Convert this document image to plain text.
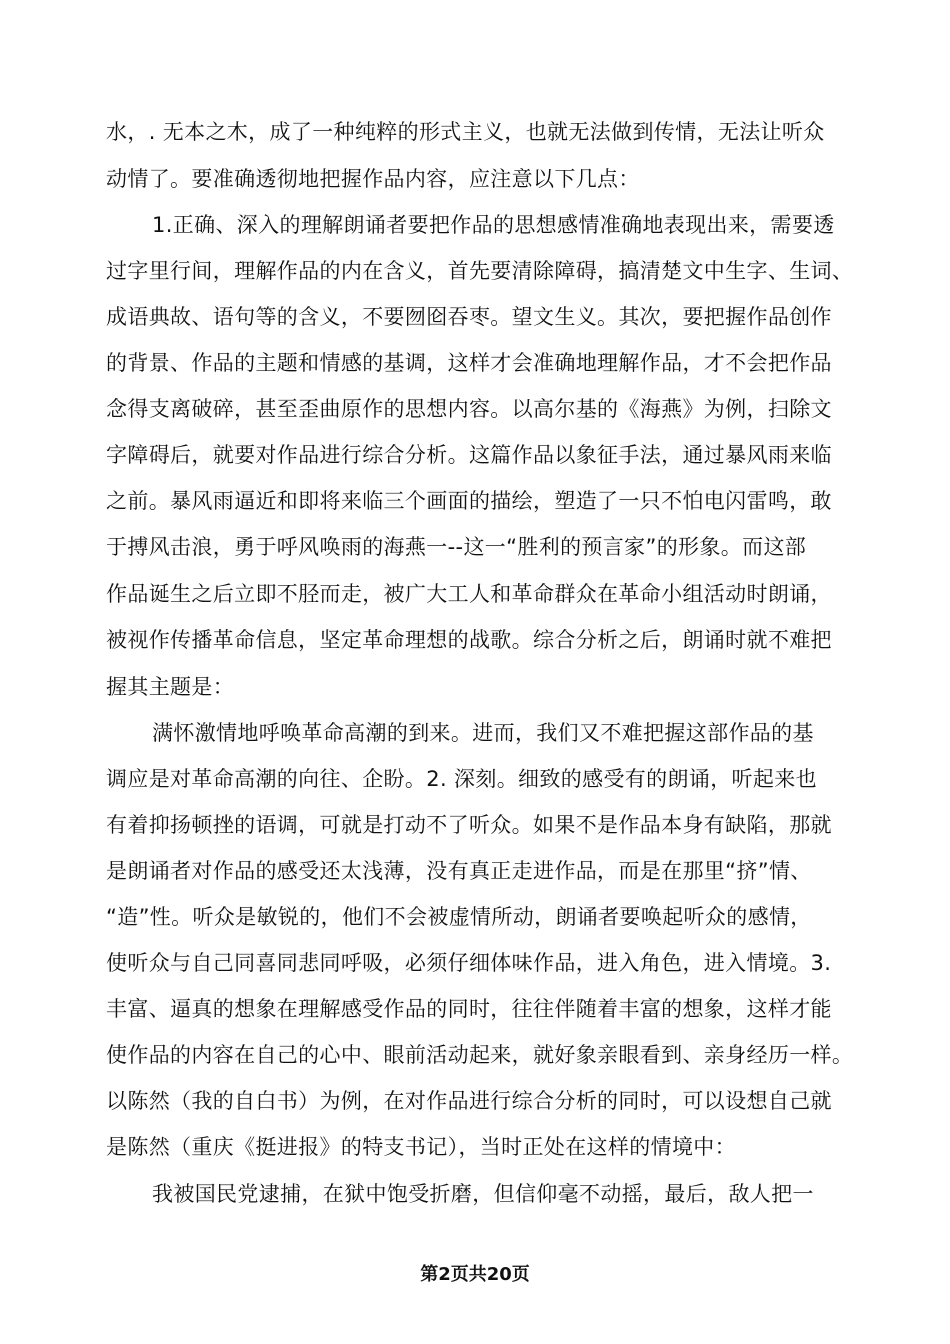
水，. 无本之木，成了一种纯粹的形式主义，也就无法做到传情，无法让听众
动情了。要准确透彻地把握作品内容，应注意以下几点：
1.正确、深入的理解朗诵者要把作品的思想感情准确地表现出来，需要透
过字里行间，理解作品的内在含义，首先要清除障碍，搞清楚文中生字、生词、
成语典故、语句等的含义，不要囫囵吞枣。望文生义。其次，要把握作品创作
的背景、作品的主题和情感的基调，这样才会准确地理解作品，才不会把作品
念得支离破碎，甚至歪曲原作的思想内容。以高尔基的《海燕》为例，扫除文
字障碍后，就要对作品进行综合分析。这篇作品以象征手法，通过暴风雨来临
之前。暴风雨逼近和即将来临三个画面的描绘，塑造了一只不怕电闪雷鸣，敢
于搏风击浪，勇于呼风唤雨的海燕一--这一“胜利的预言家”的形象。而这部
作品诞生之后立即不胫而走，被广大工人和革命群众在革命小组活动时朗诵，
被视作传播革命信息，坚定革命理想的战歌。综合分析之后，朗诵时就不难把
握其主题是：
满怀激情地呼唤革命高潮的到来。进而，我们又不难把握这部作品的基
调应是对革命高潮的向往、企盼。2. 深刻。细致的感受有的朗诵，听起来也
有着抑扬顿挫的语调，可就是打动不了听众。如果不是作品本身有缺陷，那就
是朗诵者对作品的感受还太浅薄，没有真正走进作品，而是在那里“挤”情、
“造”性。听众是敏锐的，他们不会被虚情所动，朗诵者要唤起听众的感情，
使听众与自己同喜同悲同呼吸，必须仔细体味作品，进入角色，进入情境。3.
丰富、逼真的想象在理解感受作品的同时，往往伴随着丰富的想象，这样才能
使作品的内容在自己的心中、眼前活动起来，就好象亲眼看到、亲身经历一样。
以陈然（我的自白书）为例，在对作品进行综合分析的同时，可以设想自己就
是陈然（重庆《挺进报》的特支书记），当时正处在这样的情境中：
我被国民党逮捕，在狱中饱受折磨，但信仰毫不动摇，最后，敌人把一
第2页共20页
